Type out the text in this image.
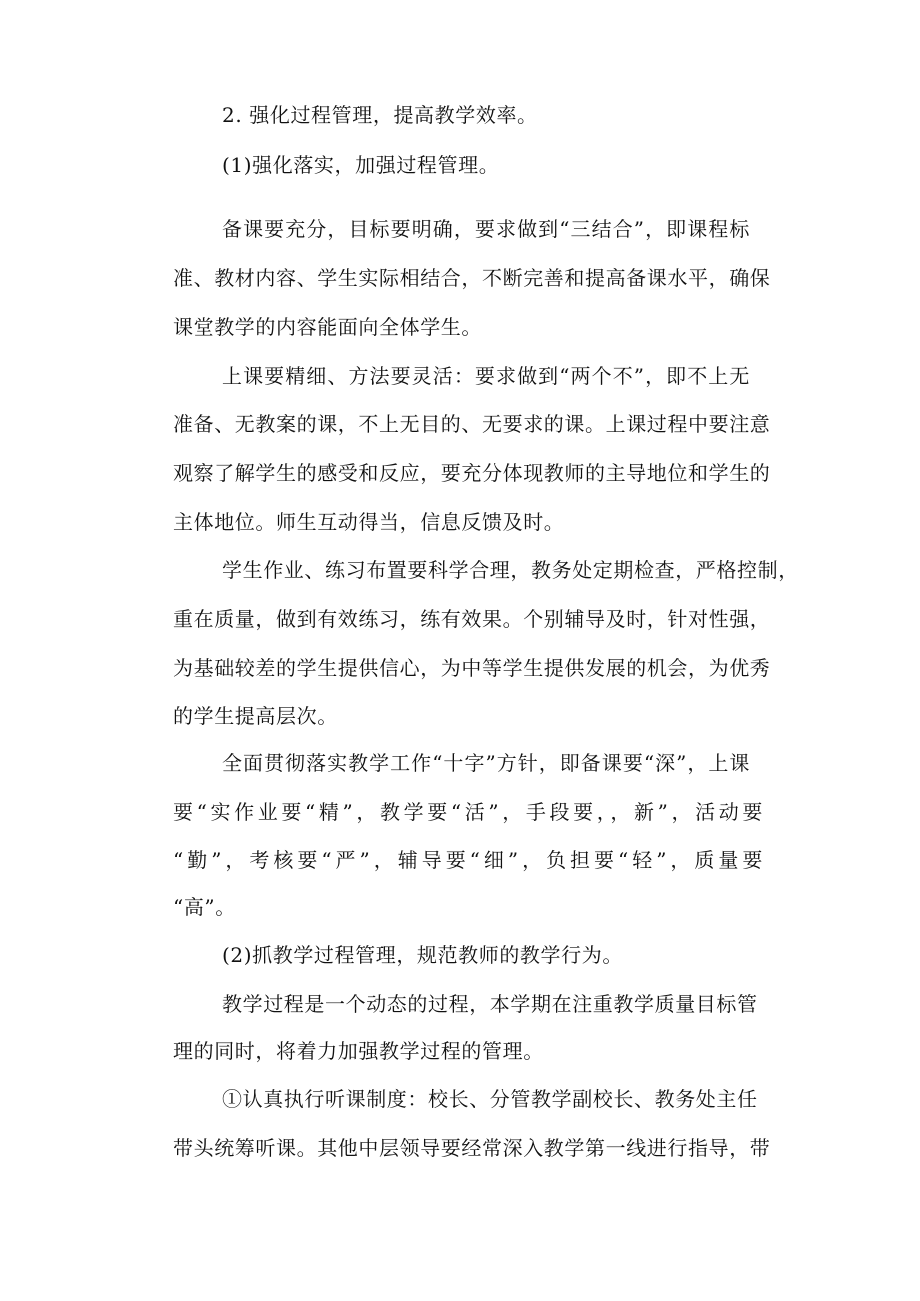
2. 强化过程管理，提高教学效率。
(1)强化落实，加强过程管理。
备课要充分，目标要明确，要求做到“三结合”，即课程标
准、教材内容、学生实际相结合，不断完善和提高备课水平，确保
课堂教学的内容能面向全体学生。
上课要精细、方法要灵活：要求做到“两个不”，即不上无
准备、无教案的课，不上无目的、无要求的课。上课过程中要注意
观察了解学生的感受和反应，要充分体现教师的主导地位和学生的
主体地位。师生互动得当，信息反馈及时。
学生作业、练习布置要科学合理，教务处定期检查，严格控制，
重在质量，做到有效练习，练有效果。个别辅导及时，针对性强，
为基础较差的学生提供信心，为中等学生提供发展的机会，为优秀
的学生提高层次。
全面贯彻落实教学工作“十字”方针，即备课要“深”，上课
要“实作业要“精”，教学要“活”，手段要，，新”，活动要
“勤”，考核要“严”，辅导要“细”，负担要“轻”，质量要
“高”。
(2)抓教学过程管理，规范教师的教学行为。
教学过程是一个动态的过程，本学期在注重教学质量目标管
理的同时，将着力加强教学过程的管理。
①认真执行听课制度：校长、分管教学副校长、教务处主任
带头统筹听课。其他中层领导要经常深入教学第一线进行指导，带
